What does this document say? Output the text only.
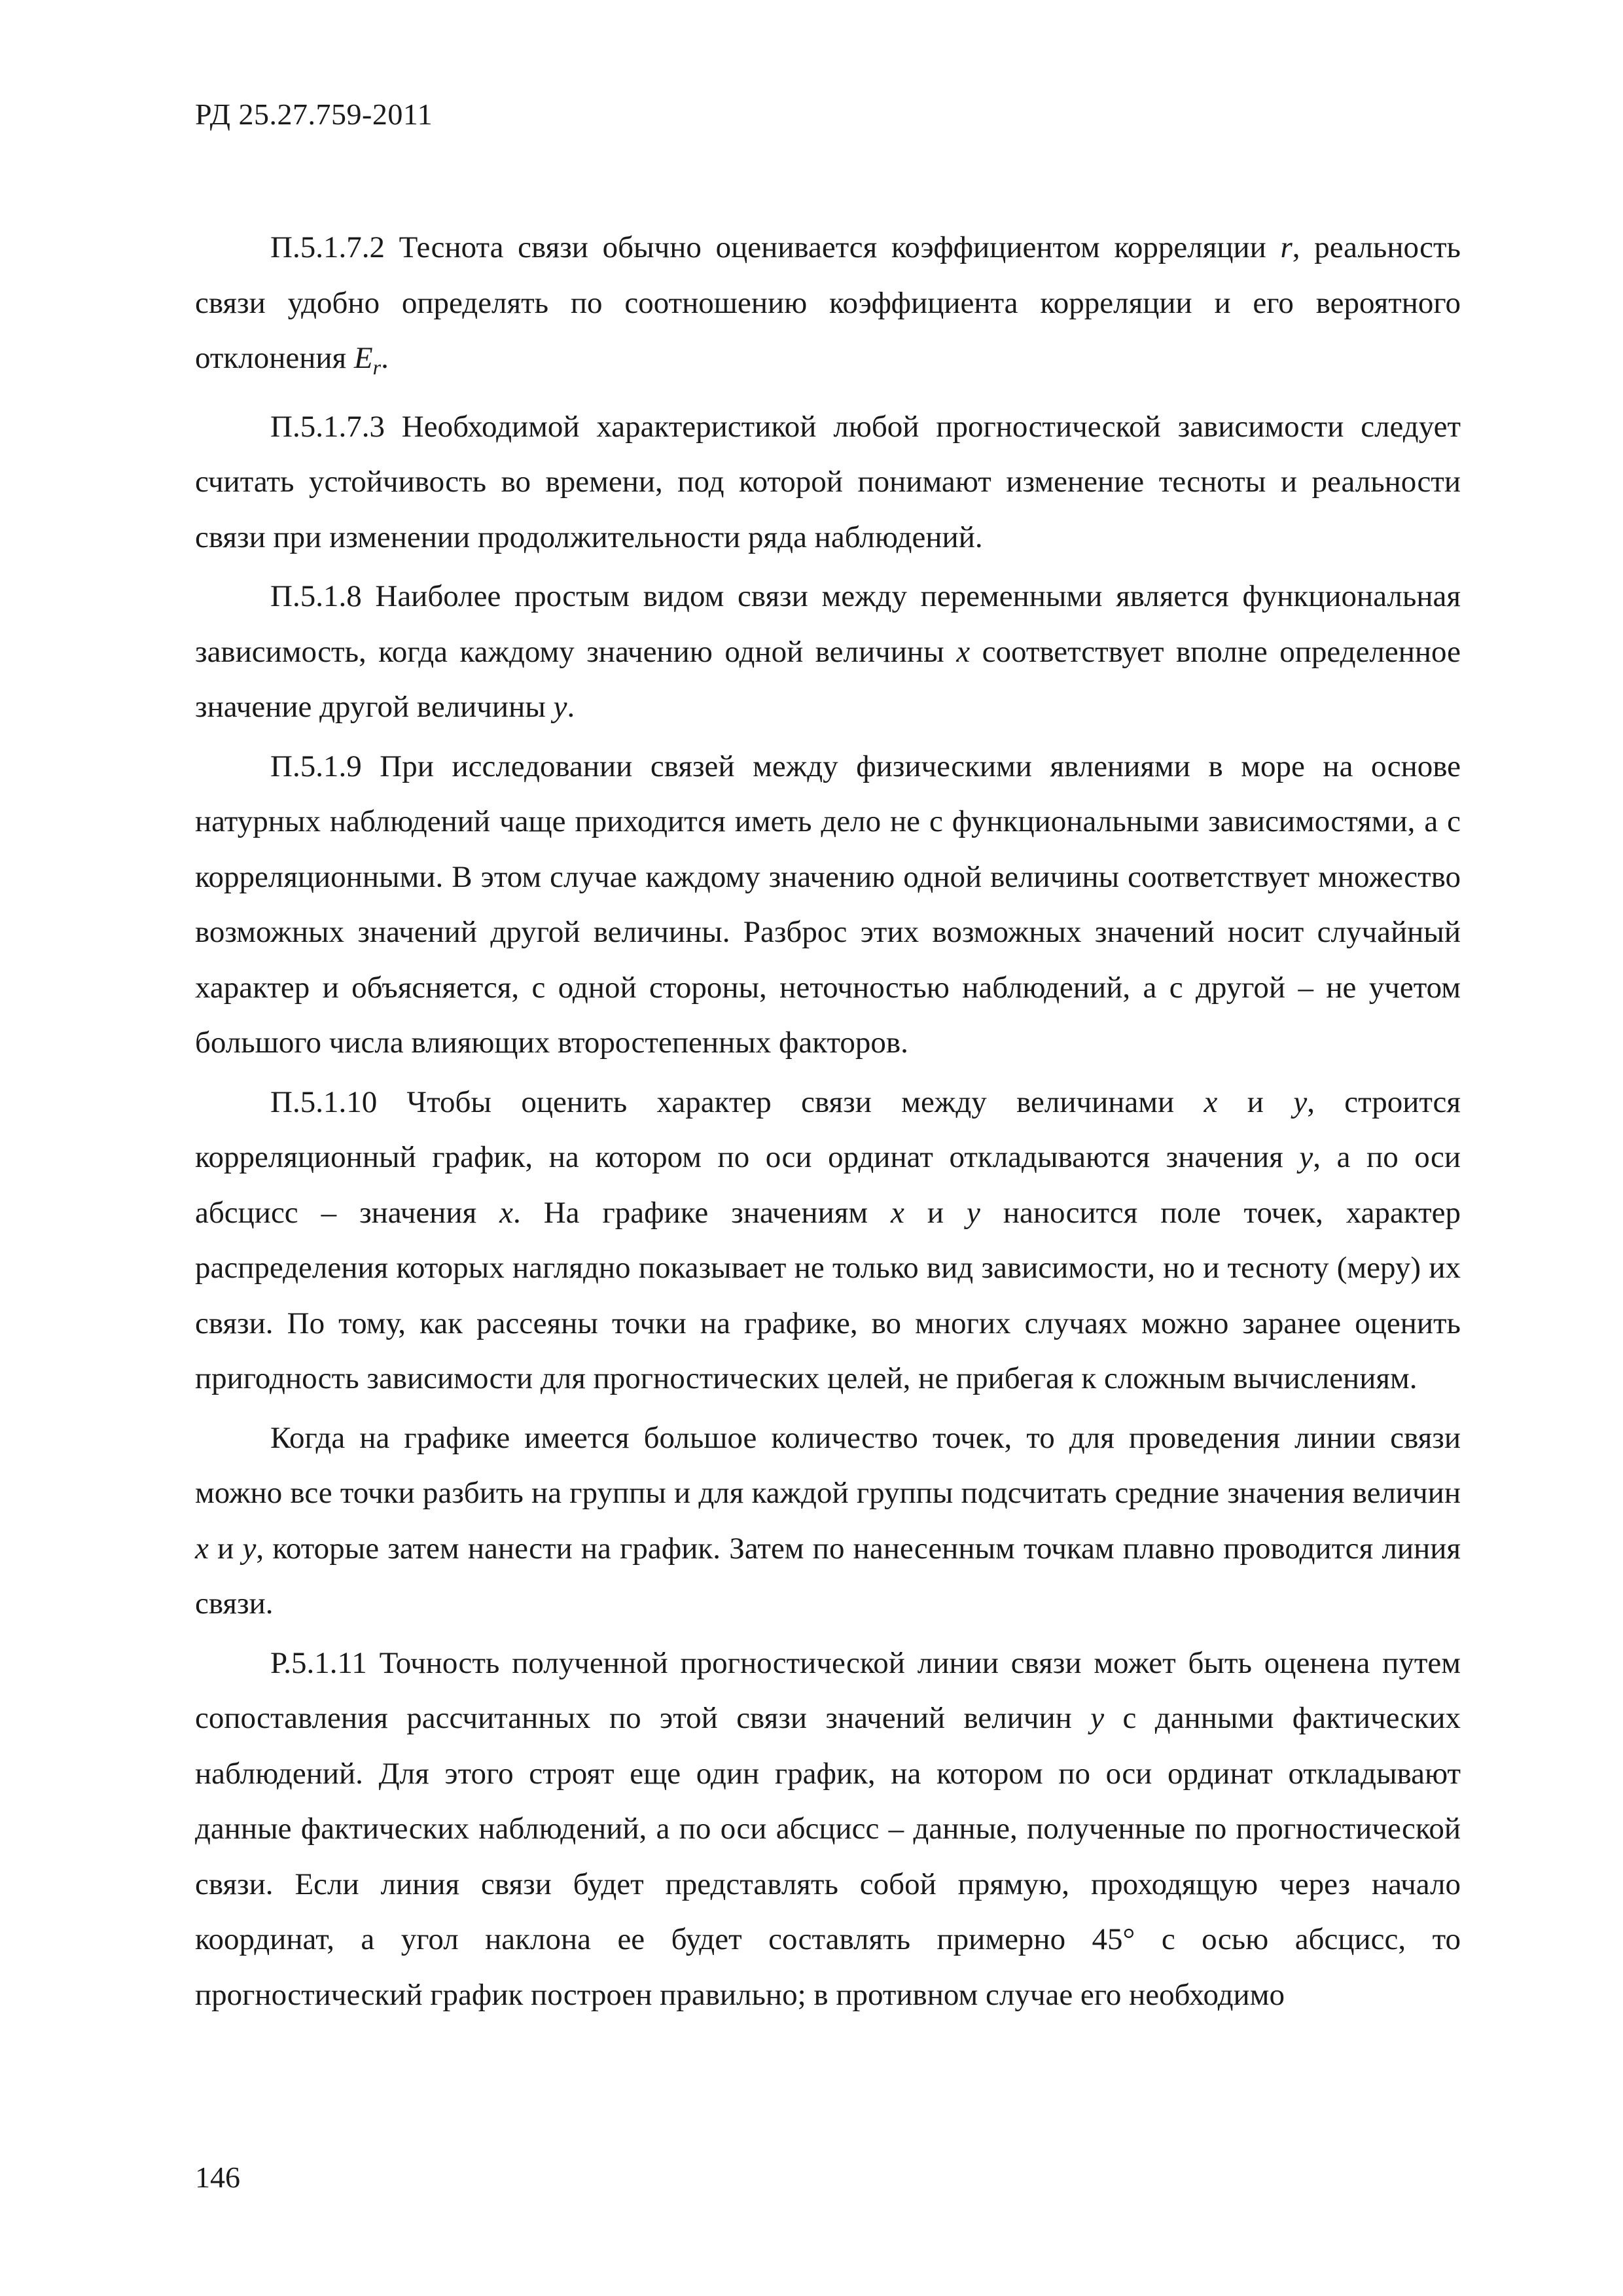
РД 25.27.759-2011

П.5.1.7.2 Теснота связи обычно оценивается коэффициентом корреляции r, реальность связи удобно определять по соотношению коэффициента корреляции и его вероятного отклонения $E_r$.

П.5.1.7.3 Необходимой характеристикой любой прогностической зависимости следует считать устойчивость во времени, под которой понимают изменение тесноты и реальности связи при изменении продолжительности ряда наблюдений.

П.5.1.8 Наиболее простым видом связи между переменными является функциональная зависимость, когда каждому значению одной величины x соответствует вполне определенное значение другой величины y.

П.5.1.9 При исследовании связей между физическими явлениями в море на основе натурных наблюдений чаще приходится иметь дело не с функциональными зависимостями, а с корреляционными. В этом случае каждому значению одной величины соответствует множество возможных значений другой величины. Разброс этих возможных значений носит случайный характер и объясняется, с одной стороны, неточностью наблюдений, а с другой – не учетом большого числа влияющих второстепенных факторов.

П.5.1.10 Чтобы оценить характер связи между величинами x и y, строится корреляционный график, на котором по оси ординат откладываются значения y, а по оси абсцисс – значения x. На графике значениям x и y наносится поле точек, характер распределения которых наглядно показывает не только вид зависимости, но и тесноту (меру) их связи. По тому, как рассеяны точки на графике, во многих случаях можно заранее оценить пригодность зависимости для прогностических целей, не прибегая к сложным вычислениям.

Когда на графике имеется большое количество точек, то для проведения линии связи можно все точки разбить на группы и для каждой группы подсчитать средние значения величин x и y, которые затем нанести на график. Затем по нанесенным точкам плавно проводится линия связи.

Р.5.1.11 Точность полученной прогностической линии связи может быть оценена путем сопоставления рассчитанных по этой связи значений величин y с данными фактических наблюдений. Для этого строят еще один график, на котором по оси ординат откладывают данные фактических наблюдений, а по оси абсцисс – данные, полученные по прогностической связи. Если линия связи будет представлять собой прямую, проходящую через начало координат, а угол наклона ее будет составлять примерно 45° с осью абсцисс, то прогностический график построен правильно; в противном случае его необходимо

146
